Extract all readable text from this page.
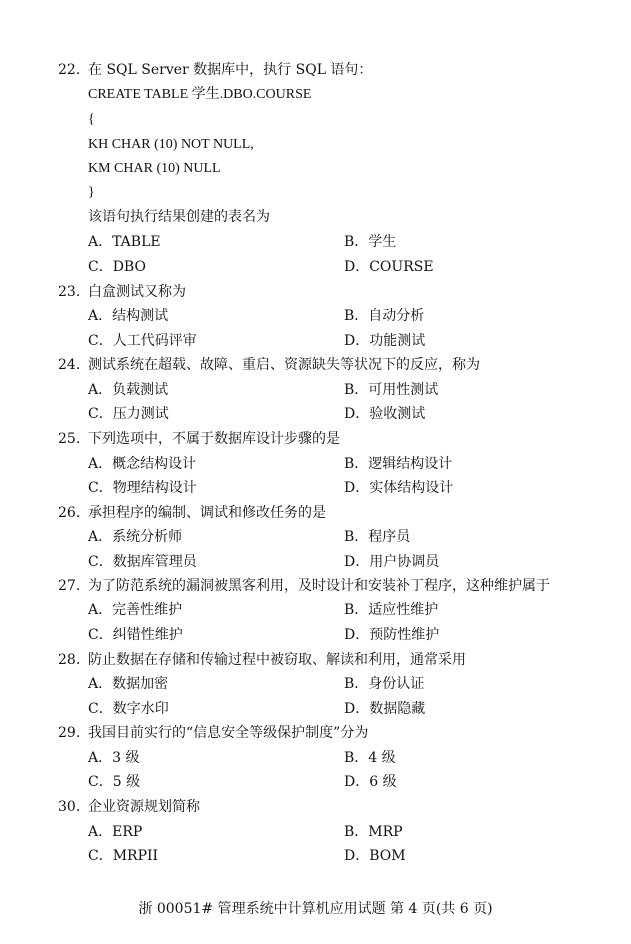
22. 在 SQL Server 数据库中，执行 SQL 语句：
CREATE TABLE 学生.DBO.COURSE
{
KH CHAR (10) NOT NULL,
KM CHAR (10) NULL
}
该语句执行结果创建的表名为
A．TABLE	B．学生
C．DBO	D．COURSE
23. 白盒测试又称为
A．结构测试	B．自动分析
C．人工代码评审	D．功能测试
24. 测试系统在超载、故障、重启、资源缺失等状况下的反应，称为
A．负载测试	B．可用性测试
C．压力测试	D．验收测试
25. 下列选项中，不属于数据库设计步骤的是
A．概念结构设计	B．逻辑结构设计
C．物理结构设计	D．实体结构设计
26. 承担程序的编制、调试和修改任务的是
A．系统分析师	B．程序员
C．数据库管理员	D．用户协调员
27. 为了防范系统的漏洞被黑客利用，及时设计和安装补丁程序，这种维护属于
A．完善性维护	B．适应性维护
C．纠错性维护	D．预防性维护
28. 防止数据在存储和传输过程中被窃取、解读和利用，通常采用
A．数据加密	B．身份认证
C．数字水印	D．数据隐藏
29. 我国目前实行的“信息安全等级保护制度”分为
A．3 级	B．4 级
C．5 级	D．6 级
30. 企业资源规划简称
A．ERP	B．MRP
C．MRPII	D．BOM
浙 00051# 管理系统中计算机应用试题 第 4 页(共 6 页)
